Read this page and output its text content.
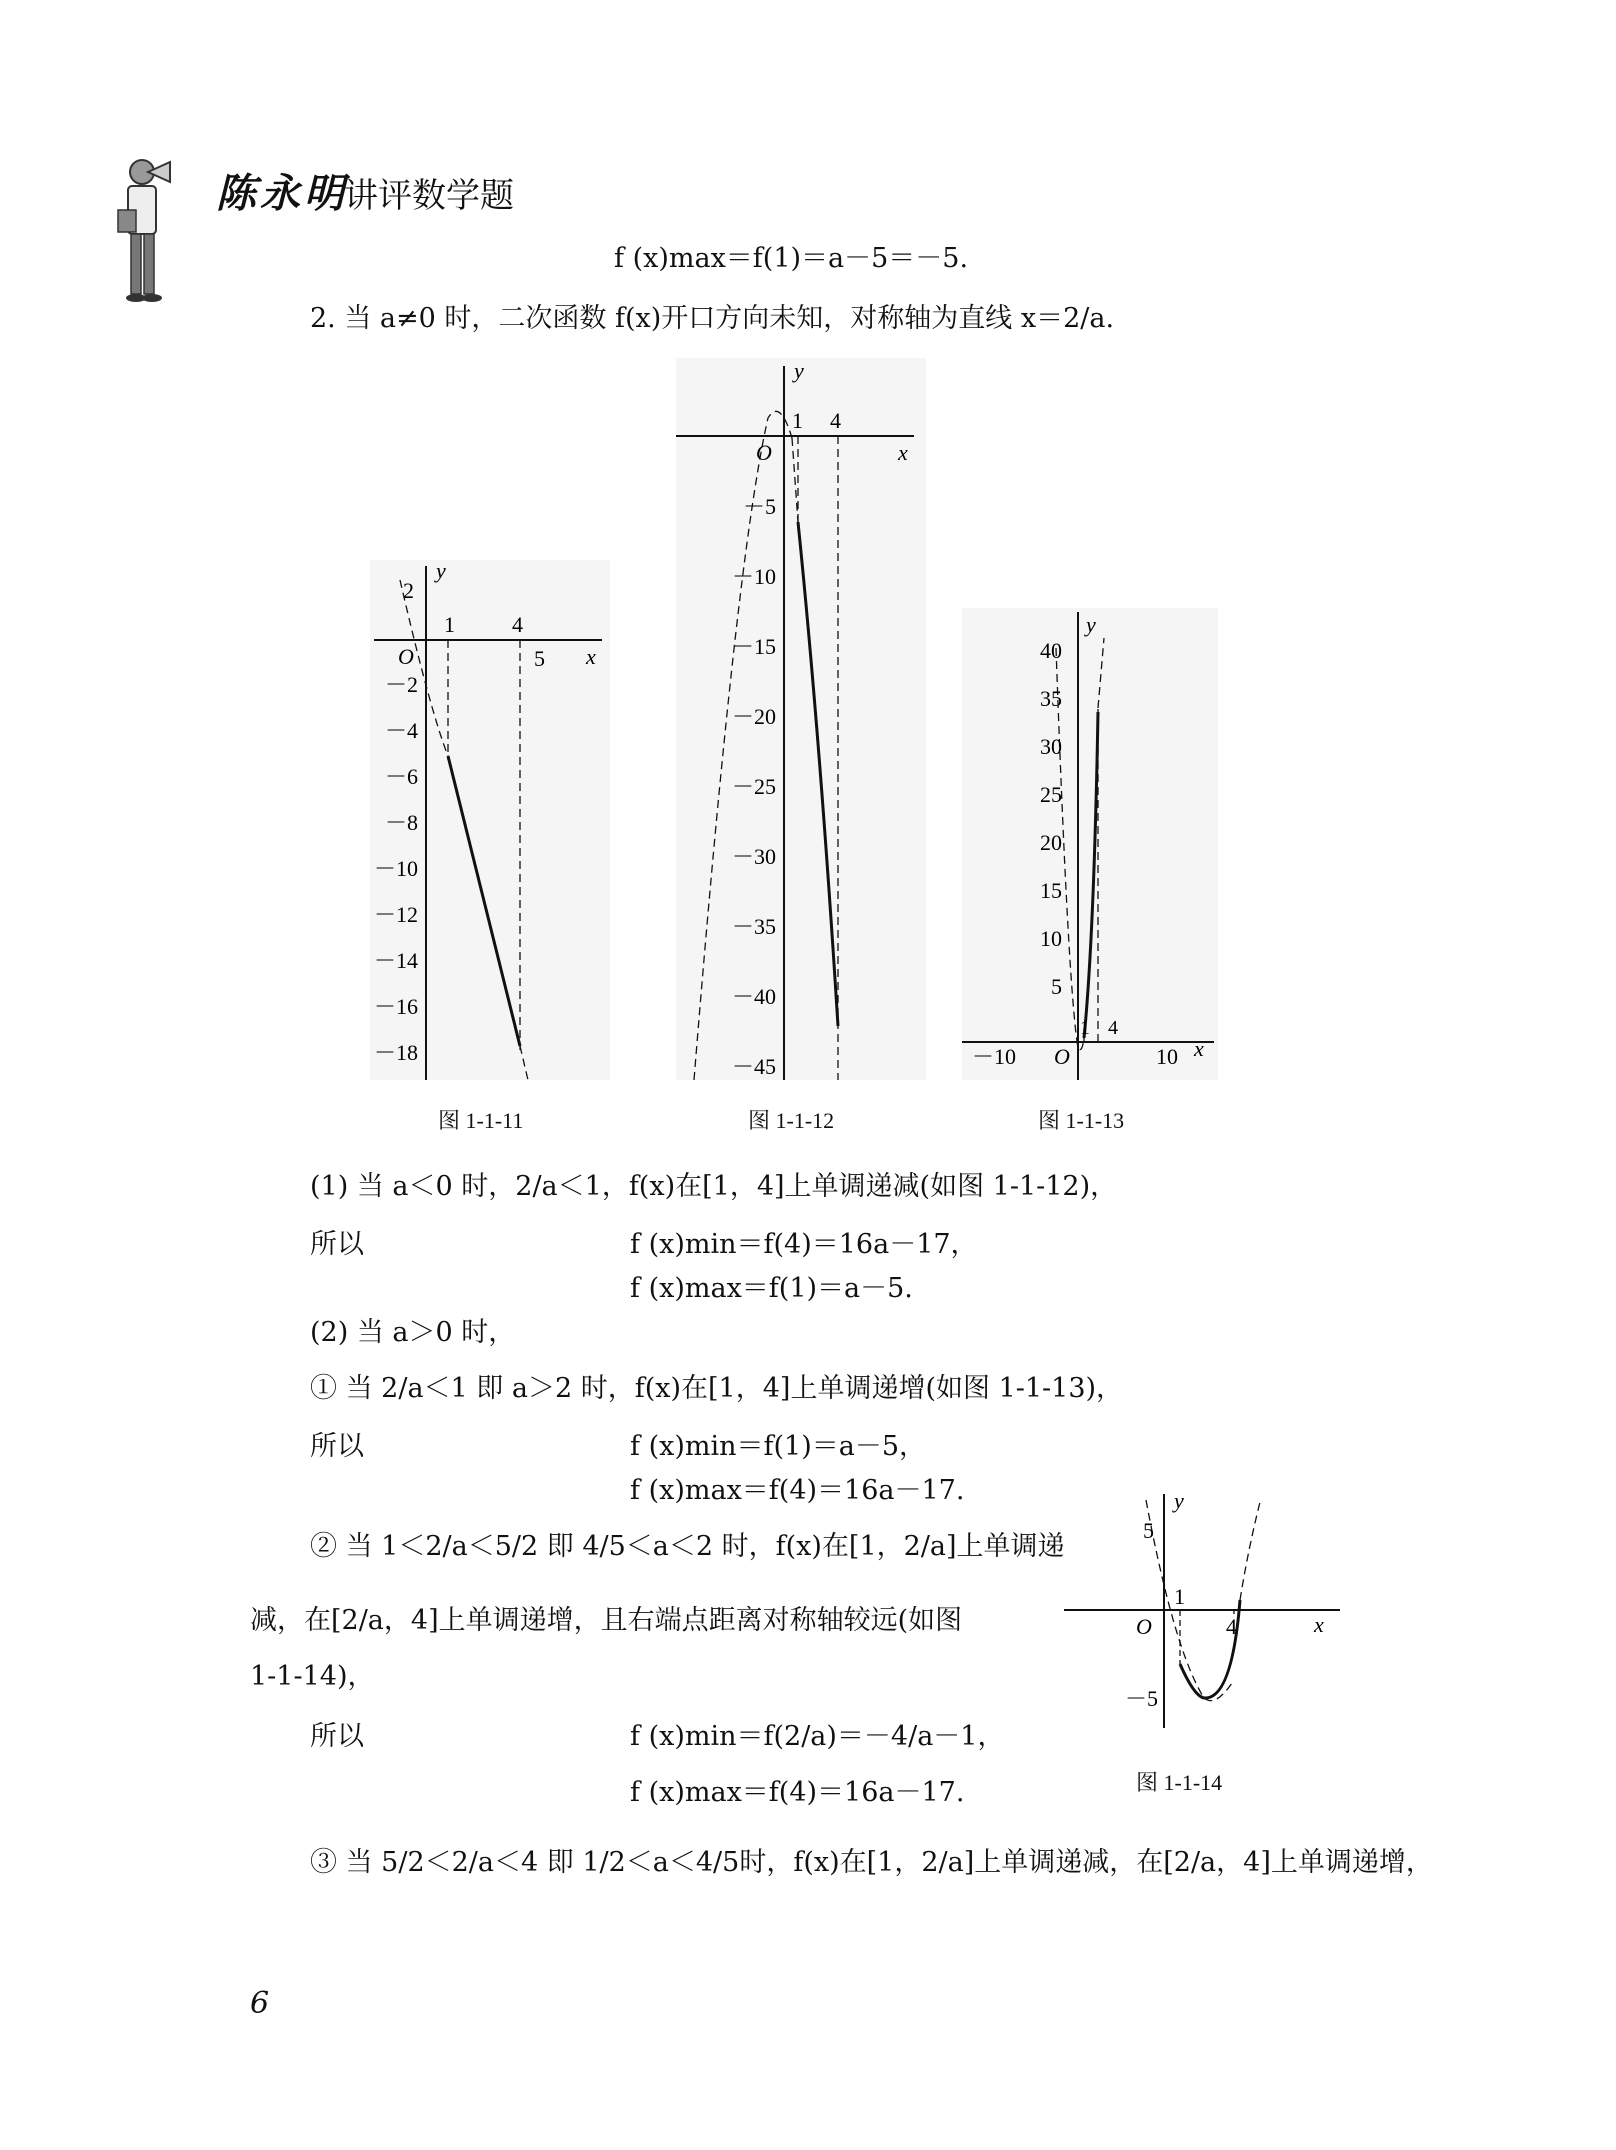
陈永明
讲评数学题
f (x)max＝f(1)＝a－5＝－5.
2. 当 a≠0 时，二次函数 f(x)开口方向未知，对称轴为直线 x＝2/a.
y
x
O
1	4
5
2
－2
－4
－6
－8
－10
－12
－14
－16
－18
图 1-1-11
y
x
O
1 4
－5
－10
－15
－20
－25
－30
－35
－40
－45
图 1-1-12
y
x
O
－10
1 4
10
40
35
30
25
20
15
10
5
图 1-1-13
(1) 当 a＜0 时，2/a＜1，f(x)在[1，4]上单调递减(如图 1-1-12)，
所以	f (x)min＝f(4)＝16a－17，
f (x)max＝f(1)＝a－5.
(2) 当 a＞0 时，
① 当 2/a＜1 即 a＞2 时，f(x)在[1，4]上单调递增(如图 1-1-13)，
所以	f (x)min＝f(1)＝a－5，
f (x)max＝f(4)＝16a－17.
② 当 1＜2/a＜5/2 即 4/5＜a＜2 时，f(x)在[1，2/a]上单调递
减，在[2/a，4]上单调递增，且右端点距离对称轴较远(如图
1-1-14)，
所以	f (x)min＝f(2/a)＝－4/a－1，
f (x)max＝f(4)＝16a－17.
③ 当 5/2＜2/a＜4 即 1/2＜a＜4/5时，f(x)在[1，2/a]上单调递减，在[2/a，4]上单调递增，
y
x
O
5
1
－5
4
图 1-1-14
6
